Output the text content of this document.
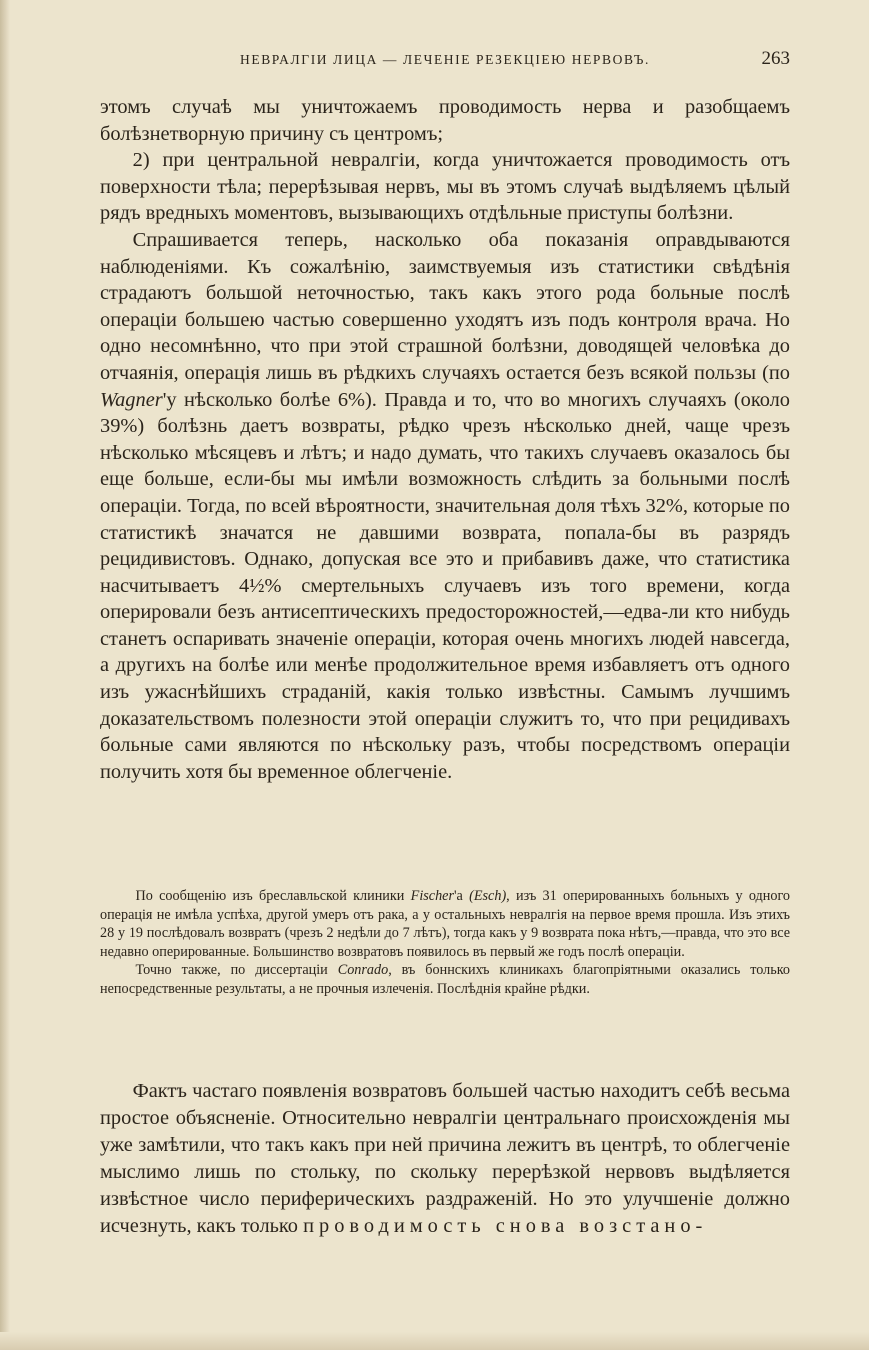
НЕВРАЛГIИ ЛИЦА — ЛЕЧЕНIЕ РЕЗЕКЦIЕЮ НЕРВОВЪ.	263

этомъ случаѣ мы уничтожаемъ проводимость нерва и разобщаемъ болѣзнетворную причину съ центромъ;

2) при центральной невралгiи, когда уничтожается проводимость отъ поверхности тѣла; перерѣзывая нервъ, мы въ этомъ случаѣ выдѣляемъ цѣлый рядъ вредныхъ моментовъ, вызывающихъ отдѣльные приступы болѣзни.

Спрашивается теперь, насколько оба показанiя оправдываются наблюденiями. Къ сожалѣнiю, заимствуемыя изъ статистики свѣдѣнiя страдаютъ большой неточностью, такъ какъ этого рода больные послѣ операцiи большею частью совершенно уходятъ изъ подъ контроля врача. Но одно несомнѣнно, что при этой страшной болѣзни, доводящей человѣка до отчаянiя, операцiя лишь въ рѣдкихъ случаяхъ остается безъ всякой пользы (по Wagner'у нѣсколько болѣе 6%). Правда и то, что во многихъ случаяхъ (около 39%) болѣзнь даетъ возвраты, рѣдко чрезъ нѣсколько дней, чаще чрезъ нѣсколько мѣсяцевъ и лѣтъ; и надо думать, что такихъ случаевъ оказалось бы еще больше, если-бы мы имѣли возможность слѣдить за больными послѣ операцiи. Тогда, по всей вѣроятности, значительная доля тѣхъ 32%, которые по статистикѣ значатся не давшими возврата, попала-бы въ разрядъ рецидивистовъ. Однако, допуская все это и прибавивъ даже, что статистика насчитываетъ 4½% смертельныхъ случаевъ изъ того времени, когда оперировали безъ антисептическихъ предосторожностей,—едва-ли кто нибудь станетъ оспаривать значенiе операцiи, которая очень многихъ людей навсегда, а другихъ на болѣе или менѣе продолжительное время избавляетъ отъ одного изъ ужаснѣйшихъ страданiй, какiя только извѣстны. Самымъ лучшимъ доказательствомъ полезности этой операцiи служитъ то, что при рецидивахъ больные сами являются по нѣскольку разъ, чтобы посредствомъ операцiи получить хотя бы временное облегченiе.

По сообщенiю изъ бреславльской клиники Fischer'а (Esch), изъ 31 оперированныхъ больныхъ у одного операцiя не имѣла успѣха, другой умеръ отъ рака, а у остальныхъ невралгiя на первое время прошла. Изъ этихъ 28 у 19 послѣдовалъ возвратъ (чрезъ 2 недѣли до 7 лѣтъ), тогда какъ у 9 возврата пока нѣтъ,—правда, что это все недавно оперированные. Большинство возвратовъ появилось въ первый же годъ послѣ операцiи.

Точно также, по диссертацiи Conrado, въ боннскихъ клиникахъ благопрiятными оказались только непосредственные результаты, а не прочныя излеченiя. Послѣднiя крайне рѣдки.

Фактъ частаго появленiя возвратовъ большей частью находитъ себѣ весьма простое объясненiе. Относительно невралгiи центральнаго происхожденiя мы уже замѣтили, что такъ какъ при ней причина лежитъ въ центрѣ, то облегченiе мыслимо лишь по стольку, по скольку перерѣзкой нервовъ выдѣляется извѣстное число периферическихъ раздраженiй. Но это улучшенiе должно исчезнуть, какъ только проводимость снова возстано-
